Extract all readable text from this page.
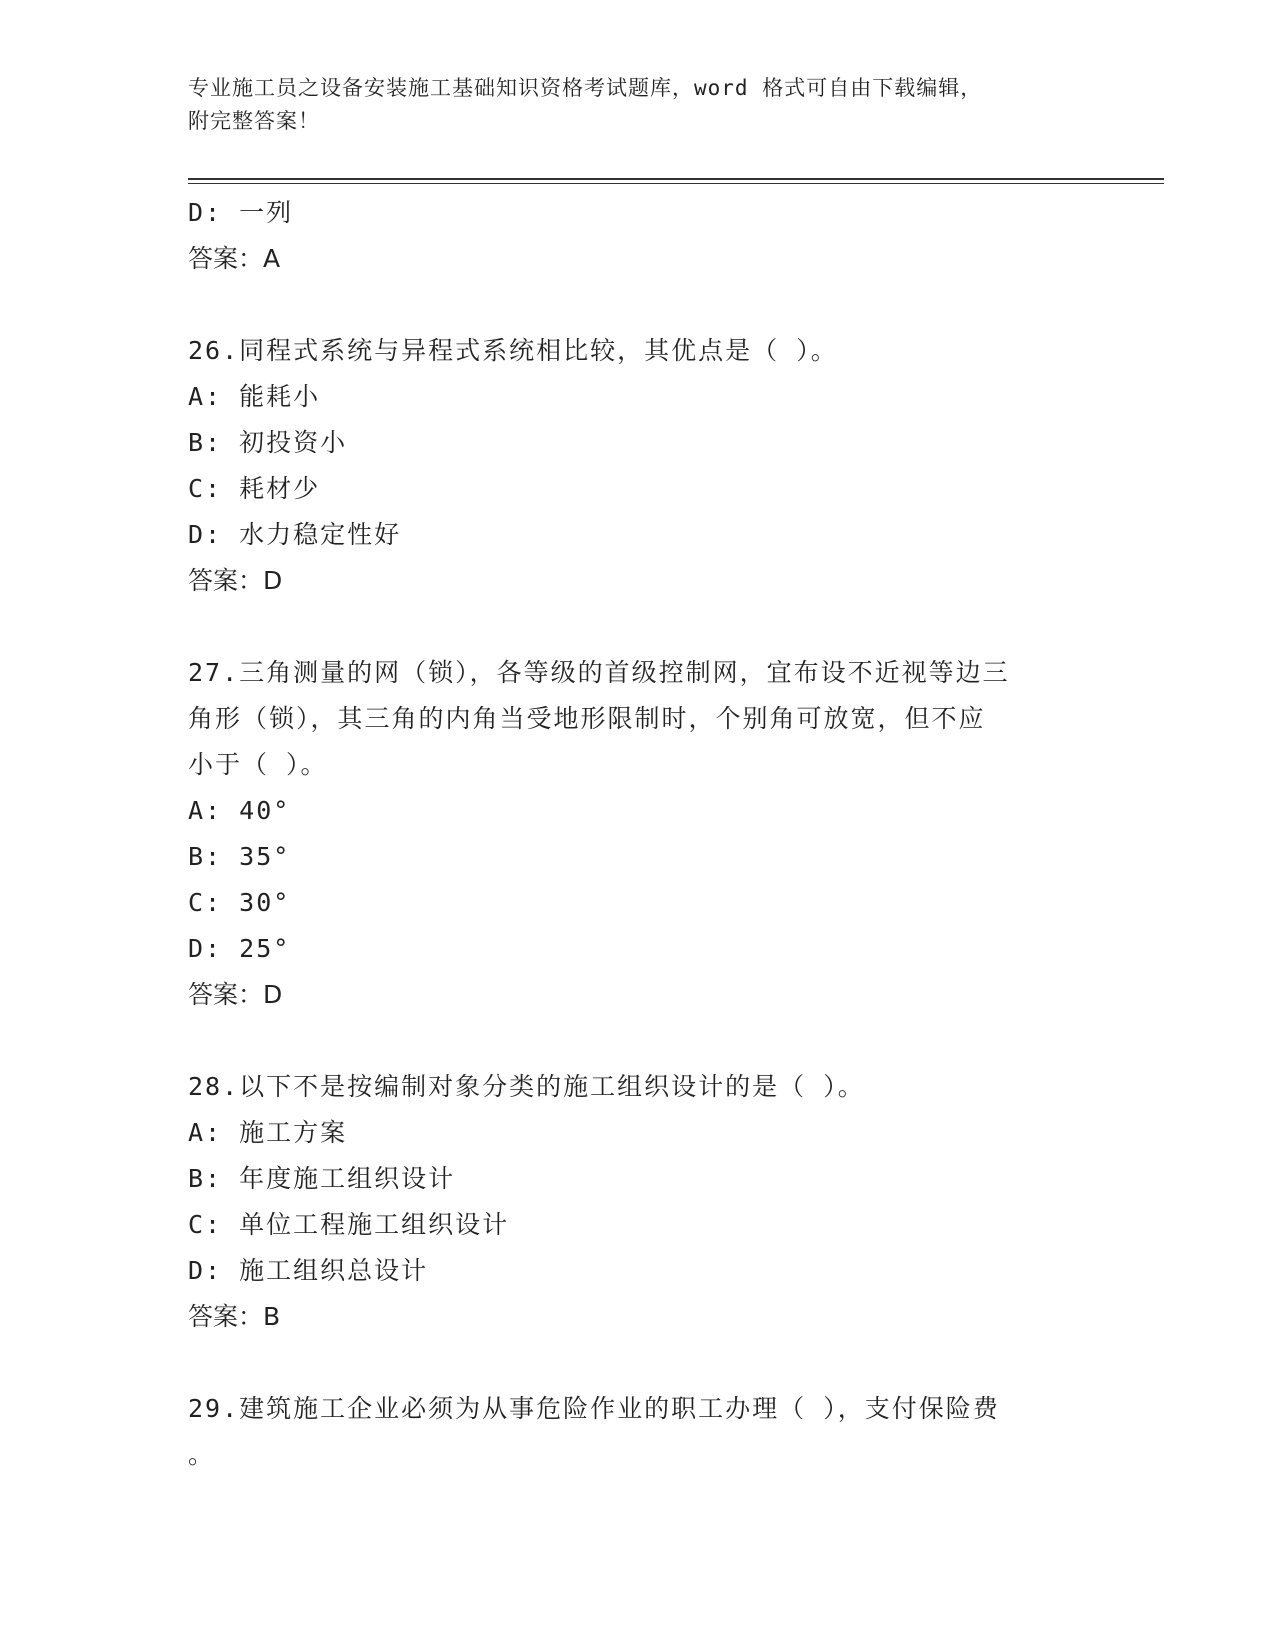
专业施工员之设备安装施工基础知识资格考试题库，word 格式可自由下载编辑，
附完整答案！
D: 一列
答案：A
26.同程式系统与异程式系统相比较，其优点是（ ）。
A: 能耗小
B: 初投资小
C: 耗材少
D: 水力稳定性好
答案：D
27.三角测量的网（锁），各等级的首级控制网，宜布设不近视等边三
角形（锁），其三角的内角当受地形限制时，个别角可放宽，但不应
小于（ ）。
A: 40°
B: 35°
C: 30°
D: 25°
答案：D
28.以下不是按编制对象分类的施工组织设计的是（ ）。
A: 施工方案
B: 年度施工组织设计
C: 单位工程施工组织设计
D: 施工组织总设计
答案：B
29.建筑施工企业必须为从事危险作业的职工办理（ ），支付保险费
。
